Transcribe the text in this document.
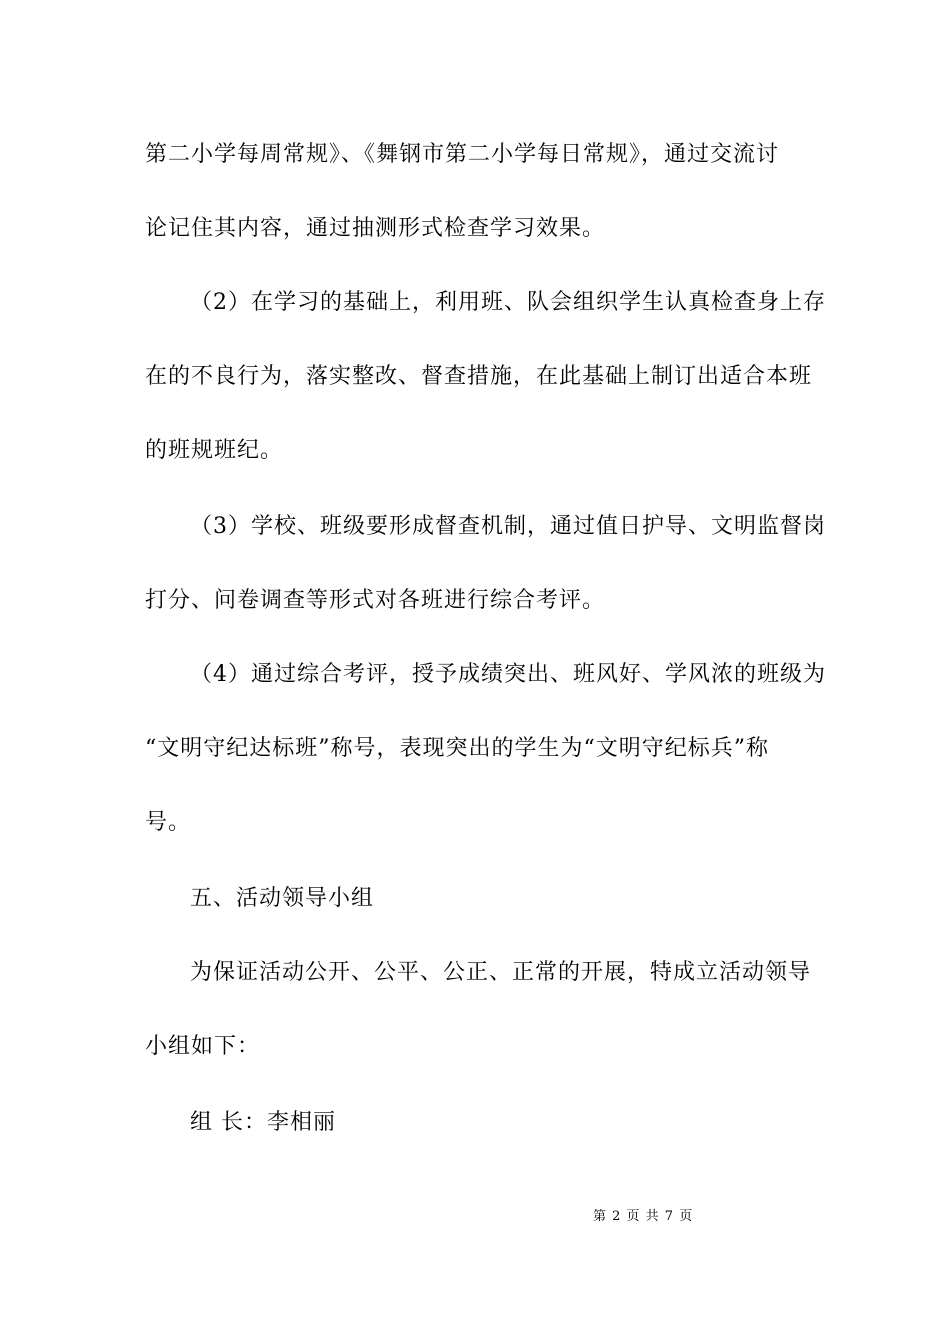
第二小学每周常规》、《舞钢市第二小学每日常规》，通过交流讨
论记住其内容，通过抽测形式检查学习效果。
（2）在学习的基础上，利用班、队会组织学生认真检查身上存
在的不良行为，落实整改、督查措施，在此基础上制订出适合本班
的班规班纪。
（3）学校、班级要形成督查机制，通过值日护导、文明监督岗
打分、问卷调查等形式对各班进行综合考评。
（4）通过综合考评，授予成绩突出、班风好、学风浓的班级为
“文明守纪达标班”称号，表现突出的学生为“文明守纪标兵”称
号。
五、活动领导小组
为保证活动公开、公平、公正、正常的开展，特成立活动领导
小组如下：
组 长：李相丽
第 2 页 共 7 页
